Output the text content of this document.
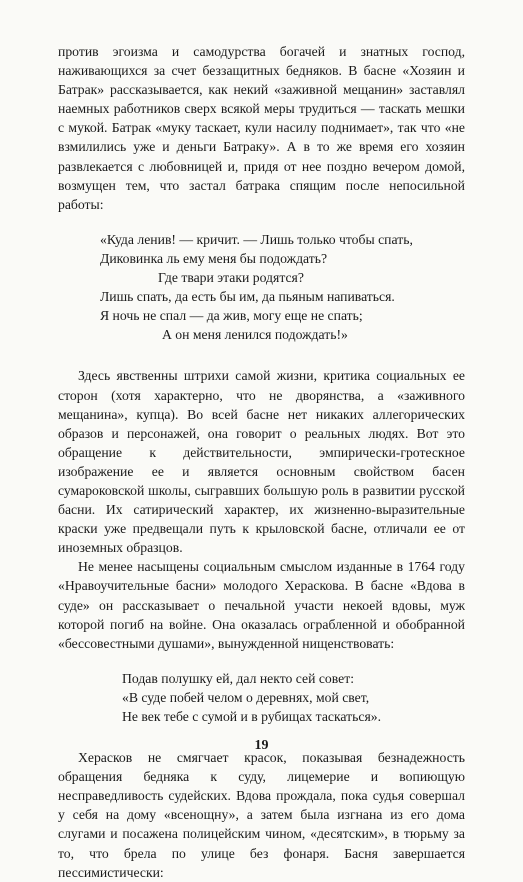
против эгоизма и самодурства богачей и знатных господ, наживающихся за счет беззащитных бедняков. В басне «Хозяин и Батрак» рассказывается, как некий «заживной мещанин» заставлял наемных работников сверх всякой меры трудиться — таскать мешки с мукой. Батрак «муку таскает, кули насилу поднимает», так что «не взмилились уже и деньги Батраку». А в то же время его хозяин развлекается с любовницей и, придя от нее поздно вечером домой, возмущен тем, что застал батрака спящим после непосильной работы:

«Куда ленив! — кричит. — Лишь только чтобы спать,
Диковинка ль ему меня бы подождать?
Где твари этаки родятся?
Лишь спать, да есть бы им, да пьяным напиваться.
Я ночь не спал — да жив, могу еще не спать;
А он меня ленился подождать!»

Здесь явственны штрихи самой жизни, критика социальных ее сторон (хотя характерно, что не дворянства, а «заживного мещанина», купца). Во всей басне нет никаких аллегорических образов и персонажей, она говорит о реальных людях. Вот это обращение к действительности, эмпирически-гротескное изображение ее и является основным свойством басен сумароковской школы, сыгравших большую роль в развитии русской басни. Их сатирический характер, их жизненно-выразительные краски уже предвещали путь к крыловской басне, отличали ее от иноземных образцов.

Не менее насыщены социальным смыслом изданные в 1764 году «Нравоучительные басни» молодого Хераскова. В басне «Вдова в суде» он рассказывает о печальной участи некоей вдовы, муж которой погиб на войне. Она оказалась ограбленной и обобранной «бессовестными душами», вынужденной нищенствовать:

Подав полушку ей, дал некто сей совет:
«В суде побей челом о деревнях, мой свет,
Не век тебе с сумой и в рубищах таскаться».

Херасков не смягчает красок, показывая безнадежность обращения бедняка к суду, лицемерие и вопиющую несправедливость судейских. Вдова прождала, пока судья совершал у себя на дому «всенощну», а затем была изгнана из его дома слугами и посажена полицейским чином, «десятским», в тюрьму за то, что брела по улице без фонаря. Басня завершается пессимистически:

19
